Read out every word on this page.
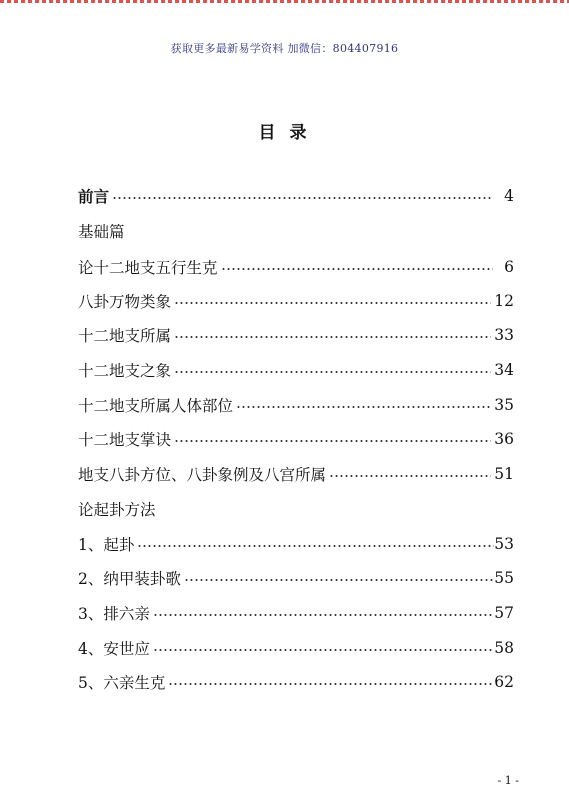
获取更多最新易学资料 加微信：804407916
目 录
前言	4
基础篇
论十二地支五行生克	6
八卦万物类象	12
十二地支所属	33
十二地支之象	34
十二地支所属人体部位	35
十二地支掌诀	36
地支八卦方位、八卦象例及八宫所属	51
论起卦方法
1、起卦	53
2、纳甲装卦歌	55
3、排六亲	57
4、安世应	58
5、六亲生克	62
- 1 -
